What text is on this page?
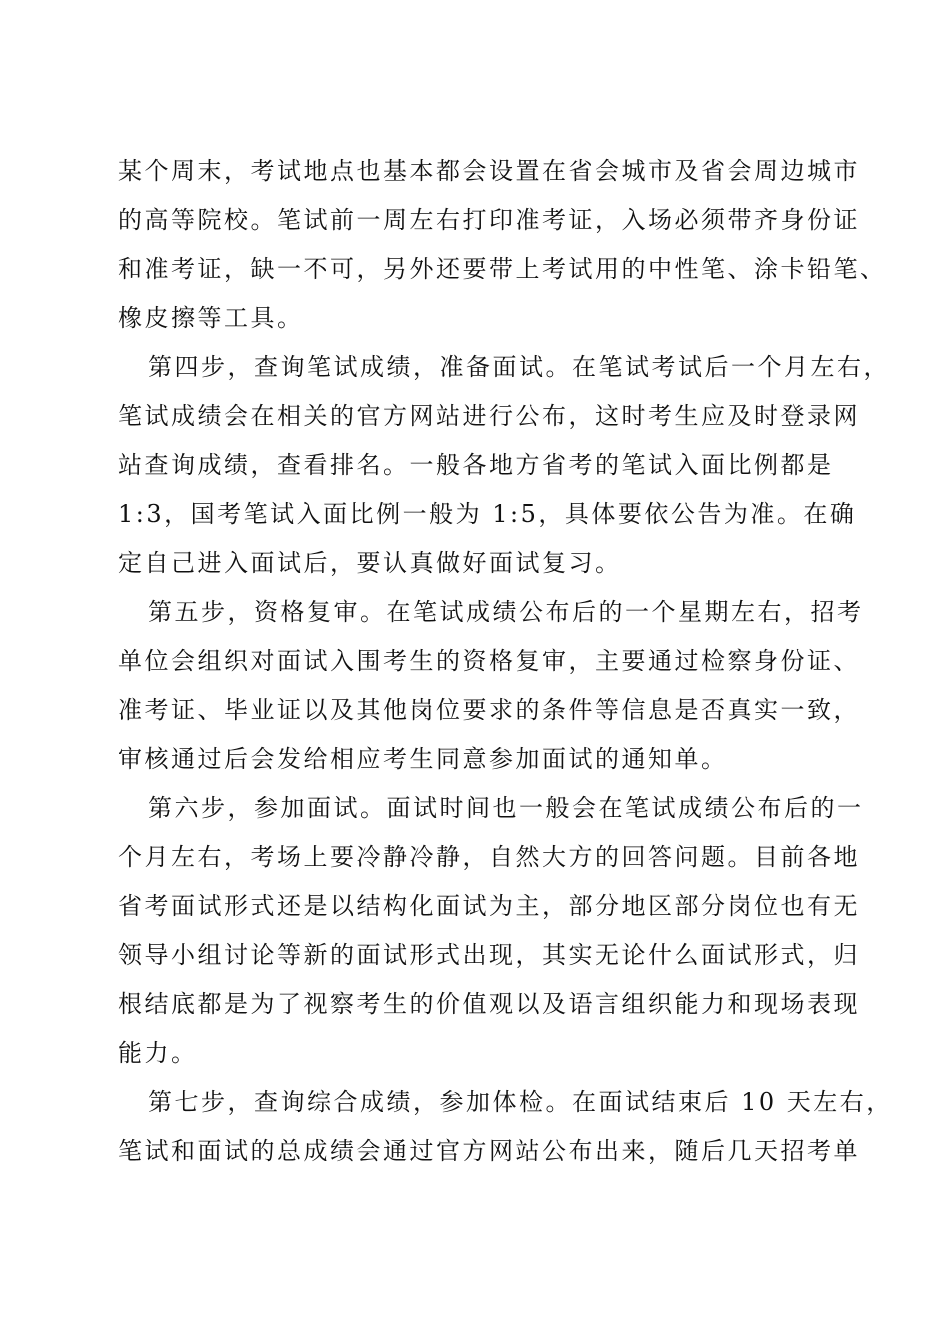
某个周末，考试地点也基本都会设置在省会城市及省会周边城市
的高等院校。笔试前一周左右打印准考证，入场必须带齐身份证
和准考证，缺一不可，另外还要带上考试用的中性笔、涂卡铅笔、
橡皮擦等工具。
第四步，查询笔试成绩，准备面试。在笔试考试后一个月左右，
笔试成绩会在相关的官方网站进行公布，这时考生应及时登录网
站查询成绩，查看排名。一般各地方省考的笔试入面比例都是
1:3，国考笔试入面比例一般为 1:5，具体要依公告为准。在确
定自己进入面试后，要认真做好面试复习。
第五步，资格复审。在笔试成绩公布后的一个星期左右，招考
单位会组织对面试入围考生的资格复审，主要通过检察身份证、
准考证、毕业证以及其他岗位要求的条件等信息是否真实一致，
审核通过后会发给相应考生同意参加面试的通知单。
第六步，参加面试。面试时间也一般会在笔试成绩公布后的一
个月左右，考场上要冷静冷静，自然大方的回答问题。目前各地
省考面试形式还是以结构化面试为主，部分地区部分岗位也有无
领导小组讨论等新的面试形式出现，其实无论什么面试形式，归
根结底都是为了视察考生的价值观以及语言组织能力和现场表现
能力。
第七步，查询综合成绩，参加体检。在面试结束后 10 天左右，
笔试和面试的总成绩会通过官方网站公布出来，随后几天招考单
